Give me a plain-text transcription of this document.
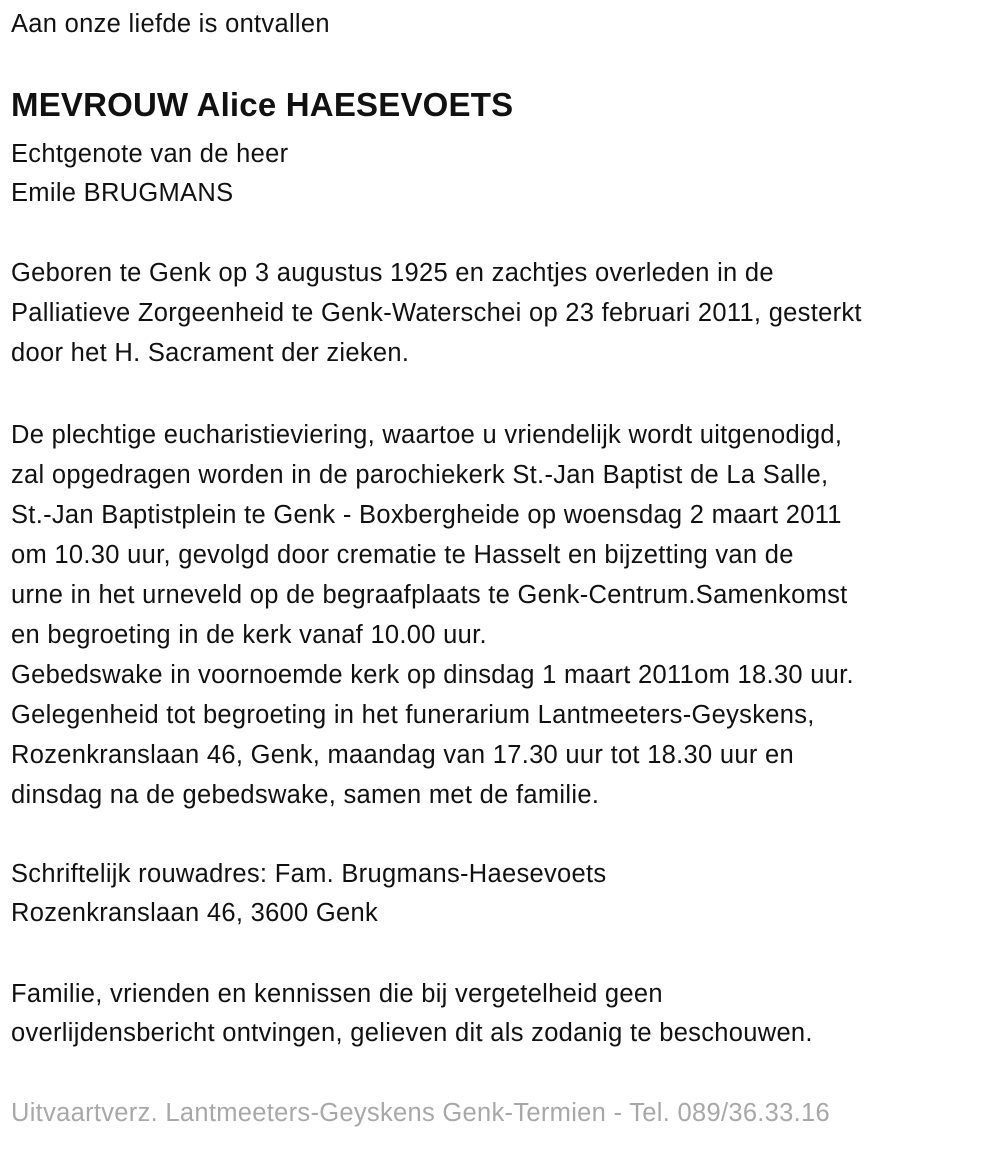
Aan onze liefde is ontvallen
MEVROUW Alice HAESEVOETS
Echtgenote van de heer
Emile BRUGMANS
Geboren te Genk op 3 augustus 1925 en zachtjes overleden in de
Palliatieve Zorgeenheid te Genk-Waterschei op 23 februari 2011, gesterkt
door het H. Sacrament der zieken.
De plechtige eucharistieviering, waartoe u vriendelijk wordt uitgenodigd,
zal opgedragen worden in de parochiekerk St.-Jan Baptist de La Salle,
St.-Jan Baptistplein te Genk - Boxbergheide op woensdag 2 maart 2011
om 10.30 uur, gevolgd door crematie te Hasselt en bijzetting van de
urne in het urneveld op de begraafplaats te Genk-Centrum.Samenkomst
en begroeting in de kerk vanaf 10.00 uur.
Gebedswake in voornoemde kerk op dinsdag 1 maart 2011om 18.30 uur.
Gelegenheid tot begroeting in het funerarium Lantmeeters-Geyskens,
Rozenkranslaan 46, Genk, maandag van 17.30 uur tot 18.30 uur en
dinsdag na de gebedswake, samen met de familie.
Schriftelijk rouwadres: Fam. Brugmans-Haesevoets
Rozenkranslaan 46, 3600 Genk
Familie, vrienden en kennissen die bij vergetelheid geen
overlijdensbericht ontvingen, gelieven dit als zodanig te beschouwen.
Uitvaartverz. Lantmeeters-Geyskens Genk-Termien - Tel. 089/36.33.16
